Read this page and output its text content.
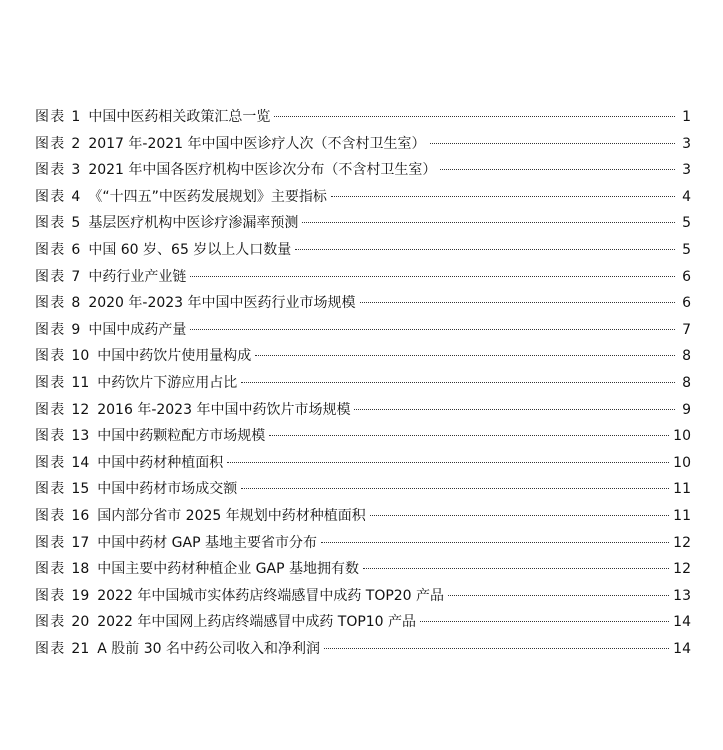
图表 1 中国中医药相关政策汇总一览	1
图表 2 2017 年-2021 年中国中医诊疗人次（不含村卫生室）	3
图表 3 2021 年中国各医疗机构中医诊次分布（不含村卫生室）	3
图表 4 《“十四五”中医药发展规划》主要指标	4
图表 5 基层医疗机构中医诊疗渗漏率预测	5
图表 6 中国 60 岁、65 岁以上人口数量	5
图表 7 中药行业产业链	6
图表 8 2020 年-2023 年中国中医药行业市场规模	6
图表 9 中国中成药产量	7
图表 10 中国中药饮片使用量构成	8
图表 11 中药饮片下游应用占比	8
图表 12 2016 年-2023 年中国中药饮片市场规模	9
图表 13 中国中药颗粒配方市场规模	10
图表 14 中国中药材种植面积	10
图表 15 中国中药材市场成交额	11
图表 16 国内部分省市 2025 年规划中药材种植面积	11
图表 17 中国中药材 GAP 基地主要省市分布	12
图表 18 中国主要中药材种植企业 GAP 基地拥有数	12
图表 19 2022 年中国城市实体药店终端感冒中成药 TOP20 产品	13
图表 20 2022 年中国网上药店终端感冒中成药 TOP10 产品	14
图表 21 A 股前 30 名中药公司收入和净利润	14
